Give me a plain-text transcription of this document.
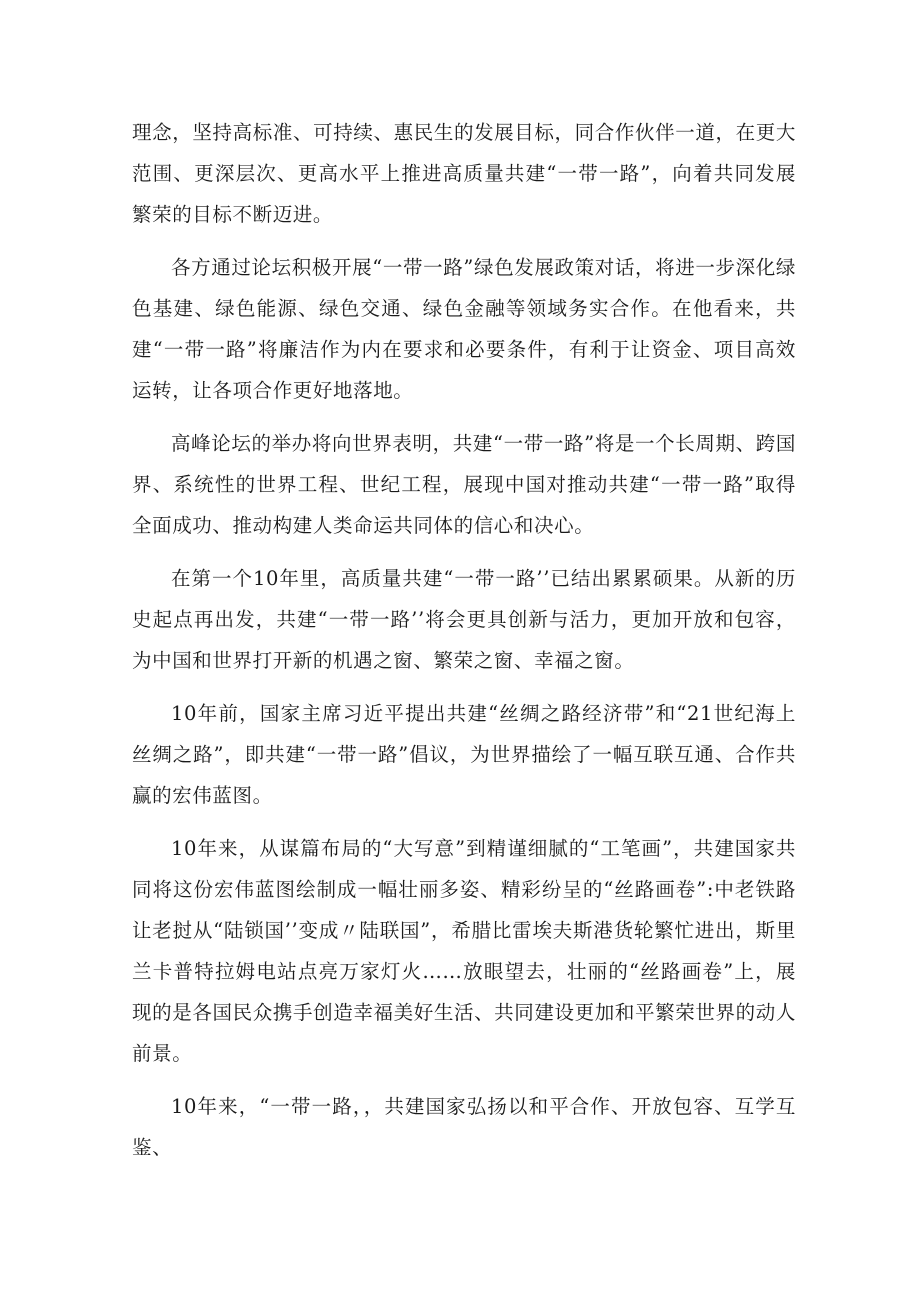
理念，坚持高标准、可持续、惠民生的发展目标，同合作伙伴一道，在更大范围、更深层次、更高水平上推进高质量共建“一带一路”，向着共同发展繁荣的目标不断迈进。

各方通过论坛积极开展“一带一路”绿色发展政策对话，将进一步深化绿色基建、绿色能源、绿色交通、绿色金融等领域务实合作。在他看来，共建“一带一路”将廉洁作为内在要求和必要条件，有利于让资金、项目高效运转，让各项合作更好地落地。

高峰论坛的举办将向世界表明，共建“一带一路”将是一个长周期、跨国界、系统性的世界工程、世纪工程，展现中国对推动共建“一带一路”取得全面成功、推动构建人类命运共同体的信心和决心。

在第一个10年里，高质量共建“一带一路’’已结出累累硕果。从新的历史起点再出发，共建“一带一路’’将会更具创新与活力，更加开放和包容，为中国和世界打开新的机遇之窗、繁荣之窗、幸福之窗。

10年前，国家主席习近平提出共建“丝绸之路经济带”和“21世纪海上丝绸之路”，即共建“一带一路”倡议，为世界描绘了一幅互联互通、合作共赢的宏伟蓝图。

10年来，从谋篇布局的“大写意”到精谨细腻的“工笔画”，共建国家共同将这份宏伟蓝图绘制成一幅壮丽多姿、精彩纷呈的“丝路画卷”:中老铁路让老挝从“陆锁国’’变成〃陆联国”，希腊比雷埃夫斯港货轮繁忙进出，斯里兰卡普特拉姆电站点亮万家灯火……放眼望去，壮丽的“丝路画卷”上，展现的是各国民众携手创造幸福美好生活、共同建设更加和平繁荣世界的动人前景。

10年来，“一带一路，，共建国家弘扬以和平合作、开放包容、互学互鉴、
